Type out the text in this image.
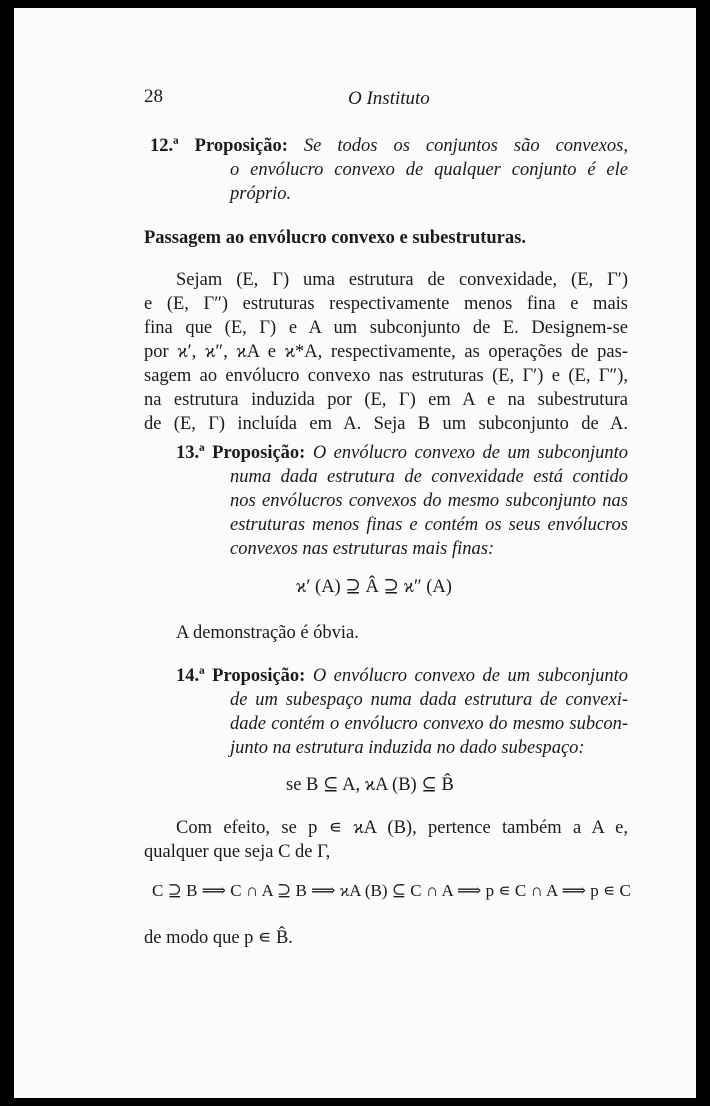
28	O Instituto
12.ª Proposição: Se todos os conjuntos são convexos,
o envólucro convexo de qualquer conjunto é ele
próprio.
Passagem ao envólucro convexo e subestruturas.
Sejam (E, Γ) uma estrutura de convexidade, (E, Γ′)
e (E, Γ″) estruturas respectivamente menos fina e mais
fina que (E, Γ) e A um subconjunto de E. Designem-se
por ϰ′, ϰ″, ϰA e ϰ*A, respectivamente, as operações de pas-
sagem ao envólucro convexo nas estruturas (E, Γ′) e (E, Γ″),
na estrutura induzida por (E, Γ) em A e na subestrutura
de (E, Γ) incluída em A. Seja B um subconjunto de A.
13.ª Proposição: O envólucro convexo de um subconjunto
numa dada estrutura de convexidade está contido
nos envólucros convexos do mesmo subconjunto nas
estruturas menos finas e contém os seus envólucros
convexos nas estruturas mais finas:
ϰ′ (A) ⊇ Â ⊇ ϰ″ (A)
A demonstração é óbvia.
14.ª Proposição: O envólucro convexo de um subconjunto
de um subespaço numa dada estrutura de convexi-
dade contém o envólucro convexo do mesmo subcon-
junto na estrutura induzida no dado subespaço:
se B ⊆ A, ϰA (B) ⊆ B̂
Com efeito, se p ∊ ϰA (B), pertence também a A e,
qualquer que seja C de Γ,
C ⊇ B ⟹ C ∩ A ⊇ B ⟹ ϰA (B) ⊆ C ∩ A ⟹ p ∊ C ∩ A ⟹ p ∊ C
de modo que p ∊ B̂.
